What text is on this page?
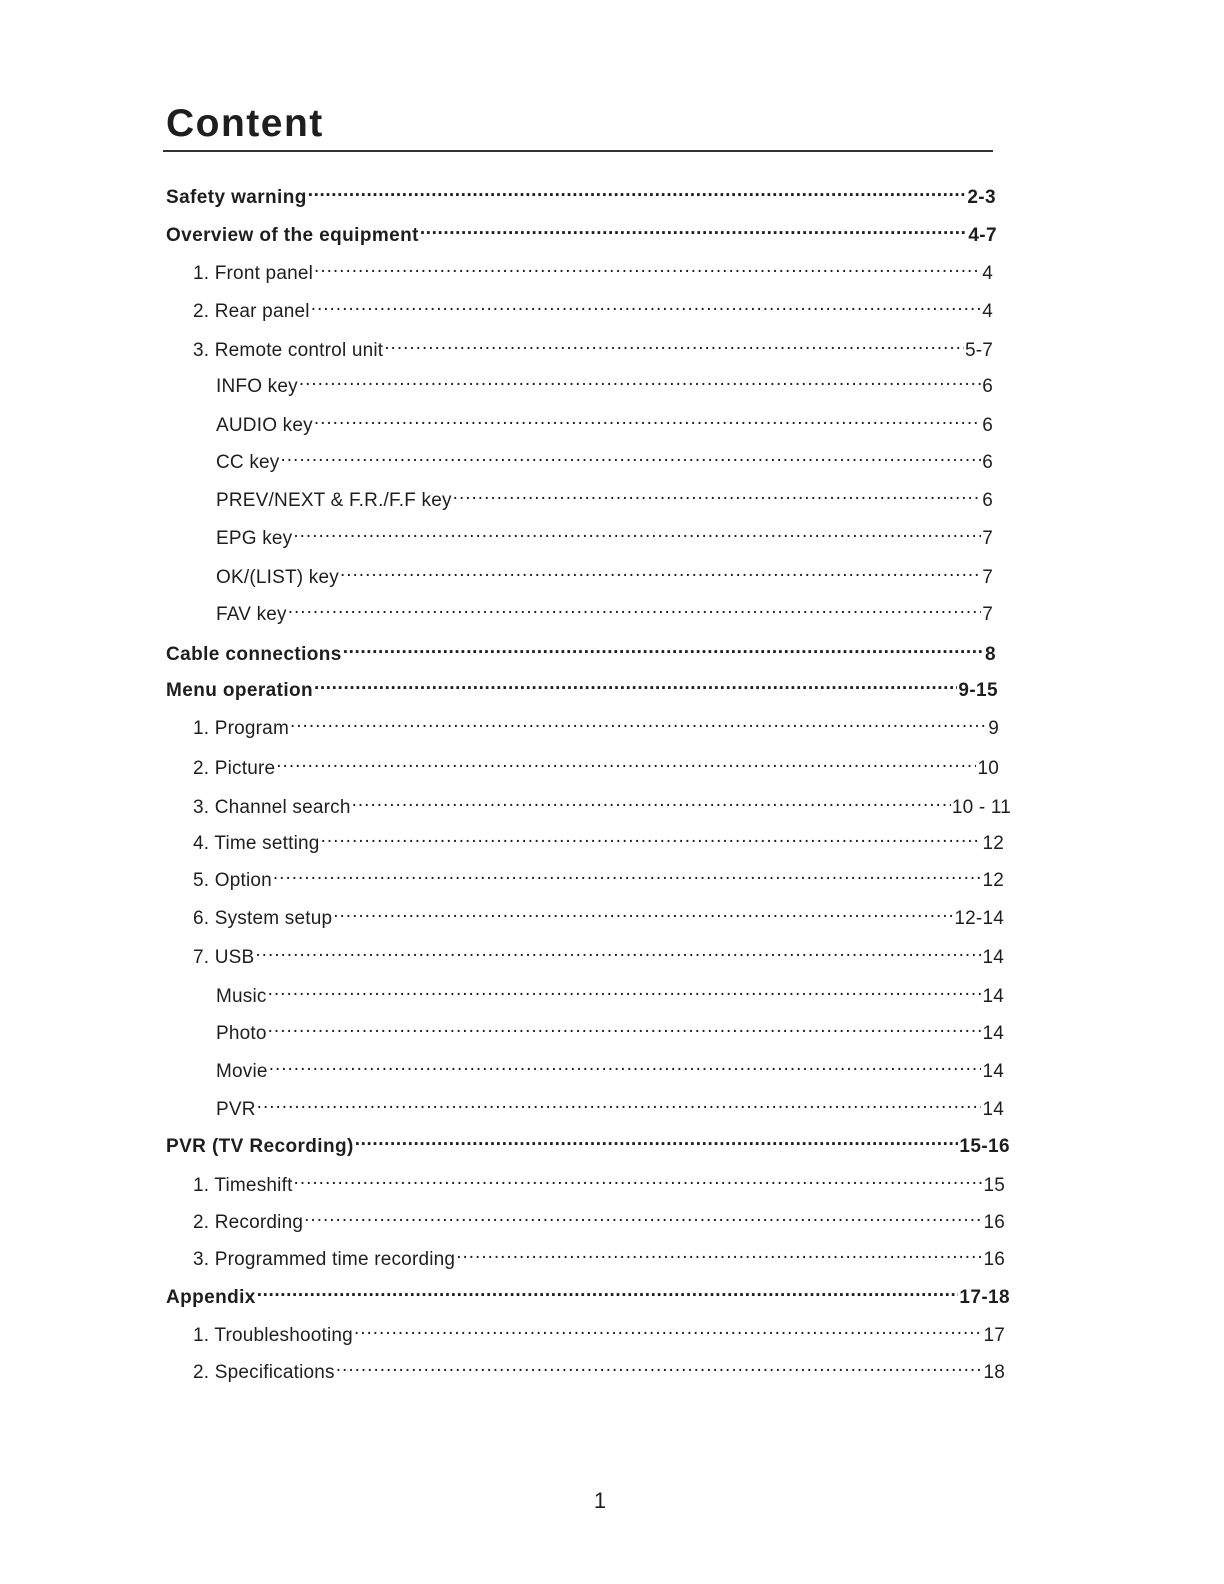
Content
Safety warning .....	2-3
Overview of the equipment .....	4-7
1. Front panel .....	4
2. Rear panel .....	4
3. Remote control unit .....	5-7
INFO key .....	6
AUDIO key .....	6
CC key .....	6
PREV/NEXT & F.R./F.F key .....	6
EPG key .....	7
OK/(LIST) key .....	7
FAV key .....	7
Cable connections .....	8
Menu operation .....	9-15
1. Program .....	9
2. Picture .....	10
3. Channel search .....	10 - 11
4. Time setting .....	12
5. Option .....	12
6. System setup .....	12-14
7. USB .....	14
Music .....	14
Photo .....	14
Movie .....	14
PVR .....	14
PVR (TV Recording) .....	15-16
1. Timeshift .....	15
2. Recording .....	16
3. Programmed time recording .....	16
Appendix .....	17-18
1. Troubleshooting .....	17
2. Specifications .....	18
1
